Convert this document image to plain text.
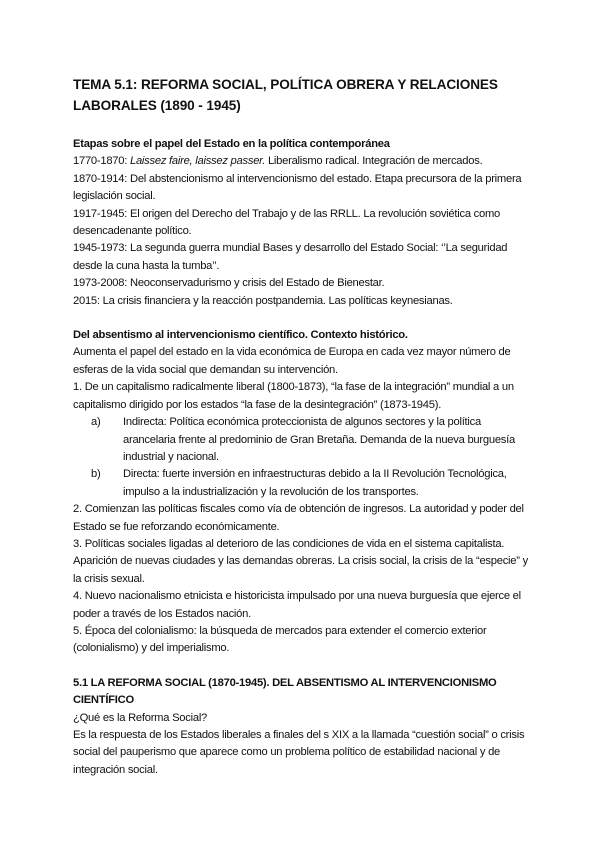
TEMA 5.1: REFORMA SOCIAL, POLÍTICA OBRERA Y RELACIONES LABORALES (1890 - 1945)

Etapas sobre el papel del Estado en la política contemporánea

1770-1870: Laissez faire, laissez passer. Liberalismo radical. Integración de mercados.

1870-1914: Del abstencionismo al intervencionismo del estado. Etapa precursora de la primera legislación social.

1917-1945: El origen del Derecho del Trabajo y de las RRLL. La revolución soviética como desencadenante político.

1945-1973: La segunda guerra mundial Bases y desarrollo del Estado Social: ‘’La seguridad desde la cuna hasta la tumba’’.

1973-2008: Neoconservadurismo y crisis del Estado de Bienestar.

2015: La crisis financiera y la reacción postpandemia. Las políticas keynesianas.

Del absentismo al intervencionismo científico. Contexto histórico.

Aumenta el papel del estado en la vida económica de Europa en cada vez mayor número de esferas de la vida social que demandan su intervención.

1. De un capitalismo radicalmente liberal (1800-1873), “la fase de la integración” mundial a un capitalismo dirigido por los estados “la fase de la desintegración” (1873-1945).

a)	Indirecta: Política económica proteccionista de algunos sectores y la política arancelaria frente al predominio de Gran Bretaña. Demanda de la nueva burguesía industrial y nacional.
b)	Directa: fuerte inversión en infraestructuras debido a la II Revolución Tecnológica, impulso a la industrialización y la revolución de los transportes.

2. Comienzan las políticas fiscales como vía de obtención de ingresos. La autoridad y poder del Estado se fue reforzando económicamente.

3. Políticas sociales ligadas al deterioro de las condiciones de vida en el sistema capitalista. Aparición de nuevas ciudades y las demandas obreras. La crisis social, la crisis de la “especie” y la crisis sexual.

4. Nuevo nacionalismo etnicista e historicista impulsado por una nueva burguesía que ejerce el poder a través de los Estados nación.

5. Época del colonialismo: la búsqueda de mercados para extender el comercio exterior (colonialismo) y del imperialismo.

5.1 LA REFORMA SOCIAL (1870-1945). DEL ABSENTISMO AL INTERVENCIONISMO CIENTÍFICO

¿Qué es la Reforma Social?

Es la respuesta de los Estados liberales a finales del s XIX a la llamada “cuestión social” o crisis social del pauperismo que aparece como un problema político de estabilidad nacional y de integración social.
